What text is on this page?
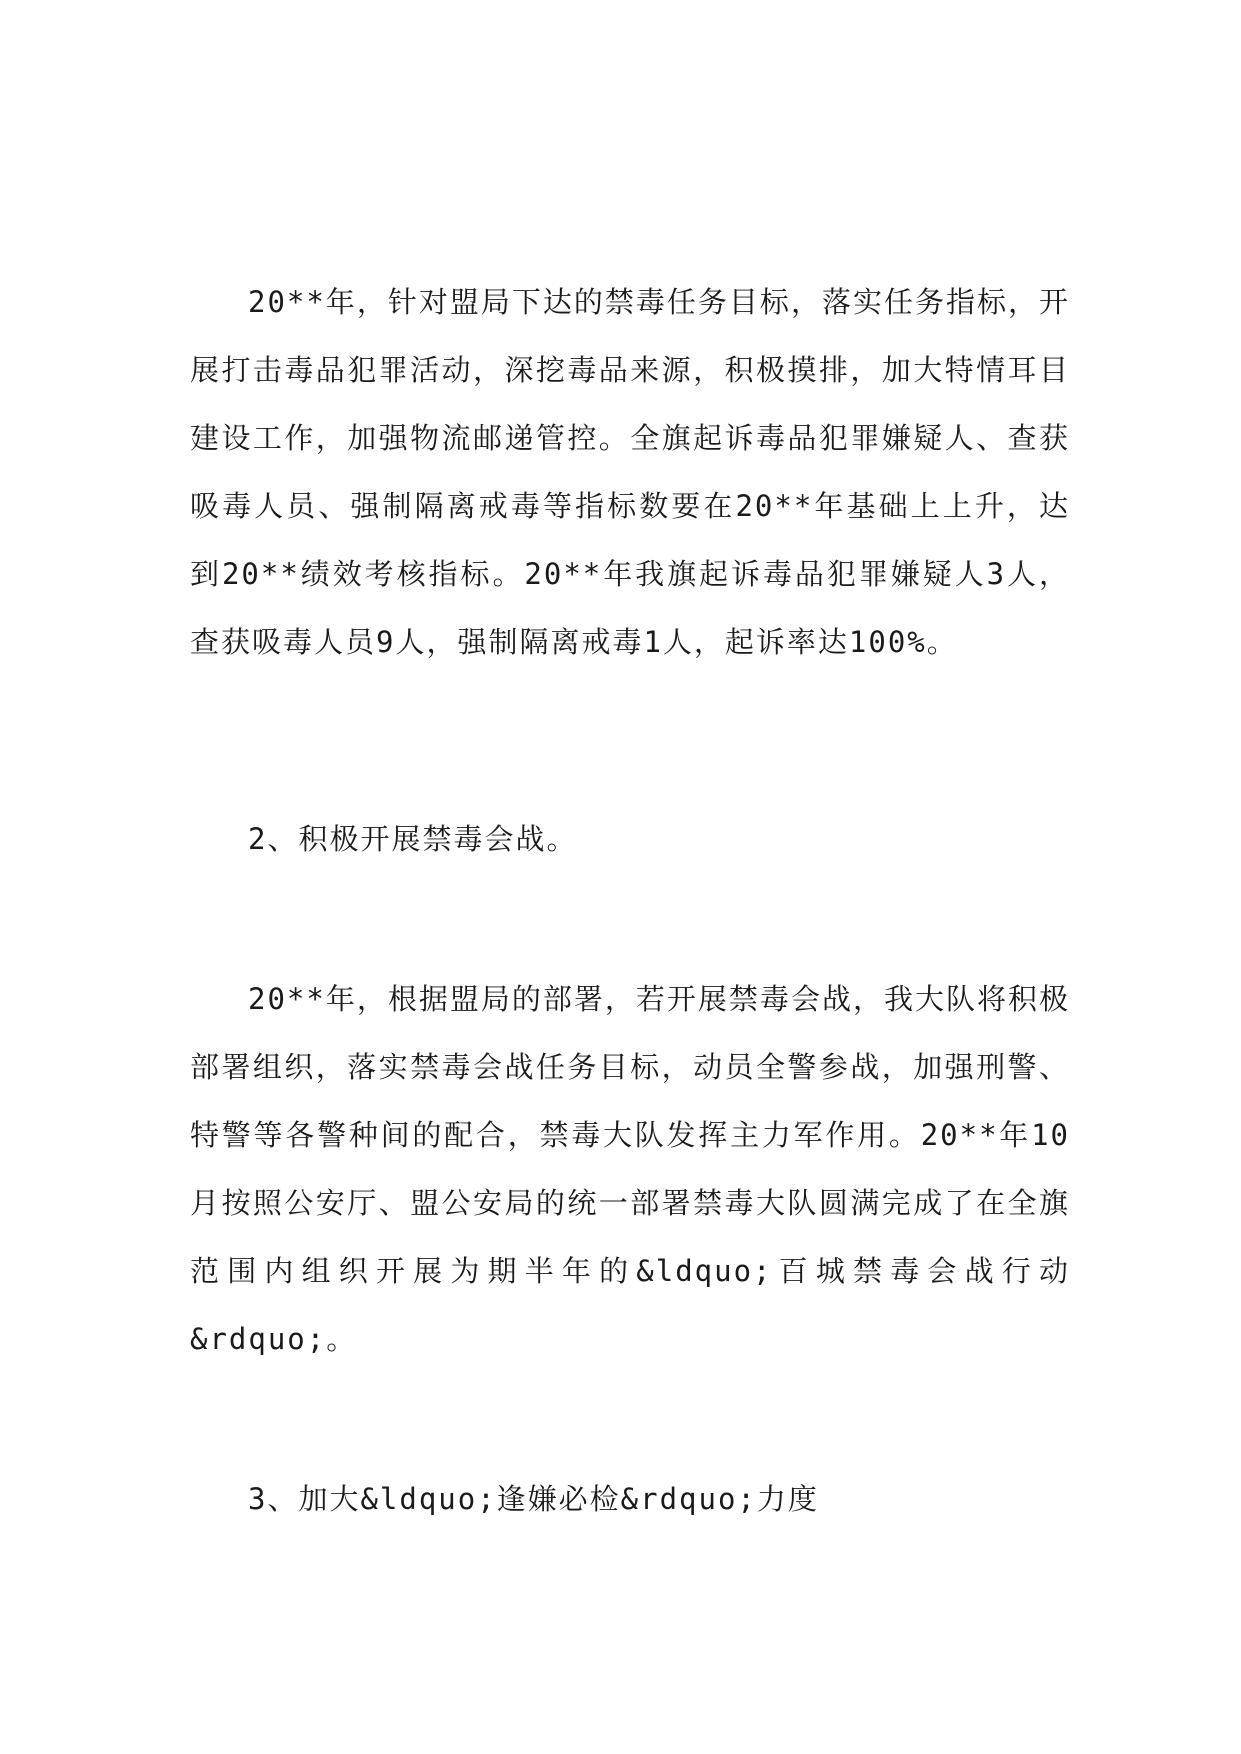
20**年，针对盟局下达的禁毒任务目标，落实任务指标，开展打击毒品犯罪活动，深挖毒品来源，积极摸排，加大特情耳目建设工作，加强物流邮递管控。全旗起诉毒品犯罪嫌疑人、查获吸毒人员、强制隔离戒毒等指标数要在20**年基础上上升，达到20**绩效考核指标。20**年我旗起诉毒品犯罪嫌疑人3人，查获吸毒人员9人，强制隔离戒毒1人，起诉率达100%。

2、积极开展禁毒会战。

20**年，根据盟局的部署，若开展禁毒会战，我大队将积极部署组织，落实禁毒会战任务目标，动员全警参战，加强刑警、特警等各警种间的配合，禁毒大队发挥主力军作用。20**年10月按照公安厅、盟公安局的统一部署禁毒大队圆满完成了在全旗范围内组织开展为期半年的&ldquo;百城禁毒会战行动&rdquo;。

3、加大&ldquo;逢嫌必检&rdquo;力度
